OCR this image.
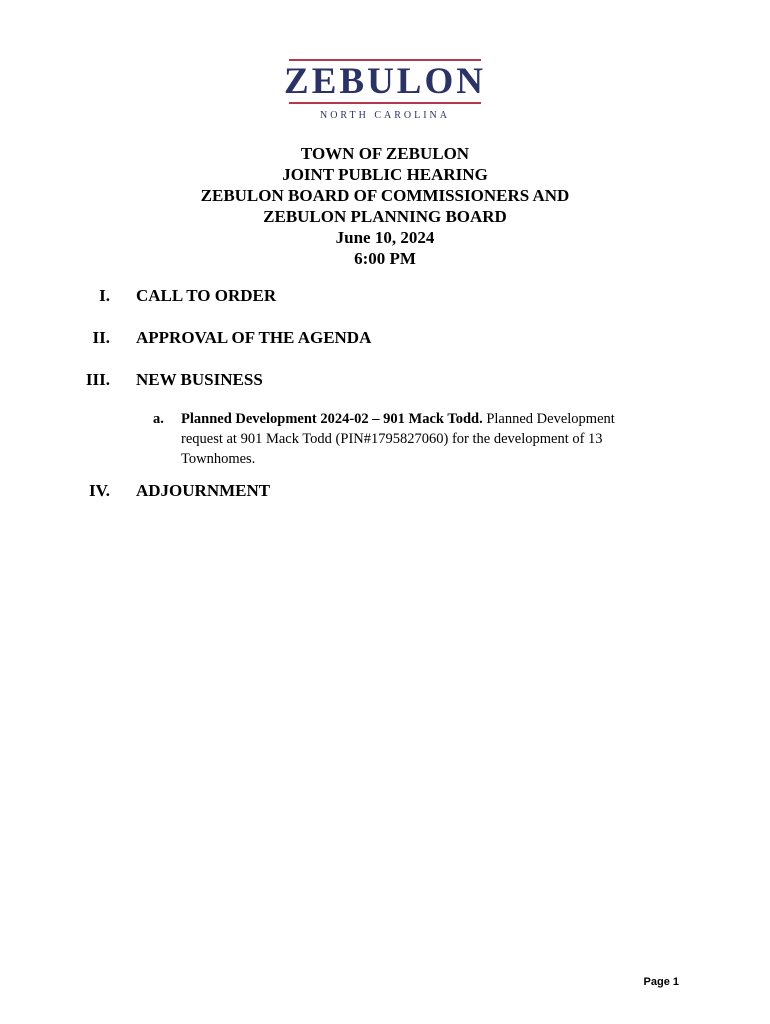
ZEBULON
NORTH CAROLINA
TOWN OF ZEBULON
JOINT PUBLIC HEARING
ZEBULON BOARD OF COMMISSIONERS AND
ZEBULON PLANNING BOARD
June 10, 2024
6:00 PM
I. CALL TO ORDER
II. APPROVAL OF THE AGENDA
III. NEW BUSINESS
a. Planned Development 2024-02 – 901 Mack Todd. Planned Development
request at 901 Mack Todd (PIN#1795827060) for the development of 13
Townhomes.
IV. ADJOURNMENT
Page 1
